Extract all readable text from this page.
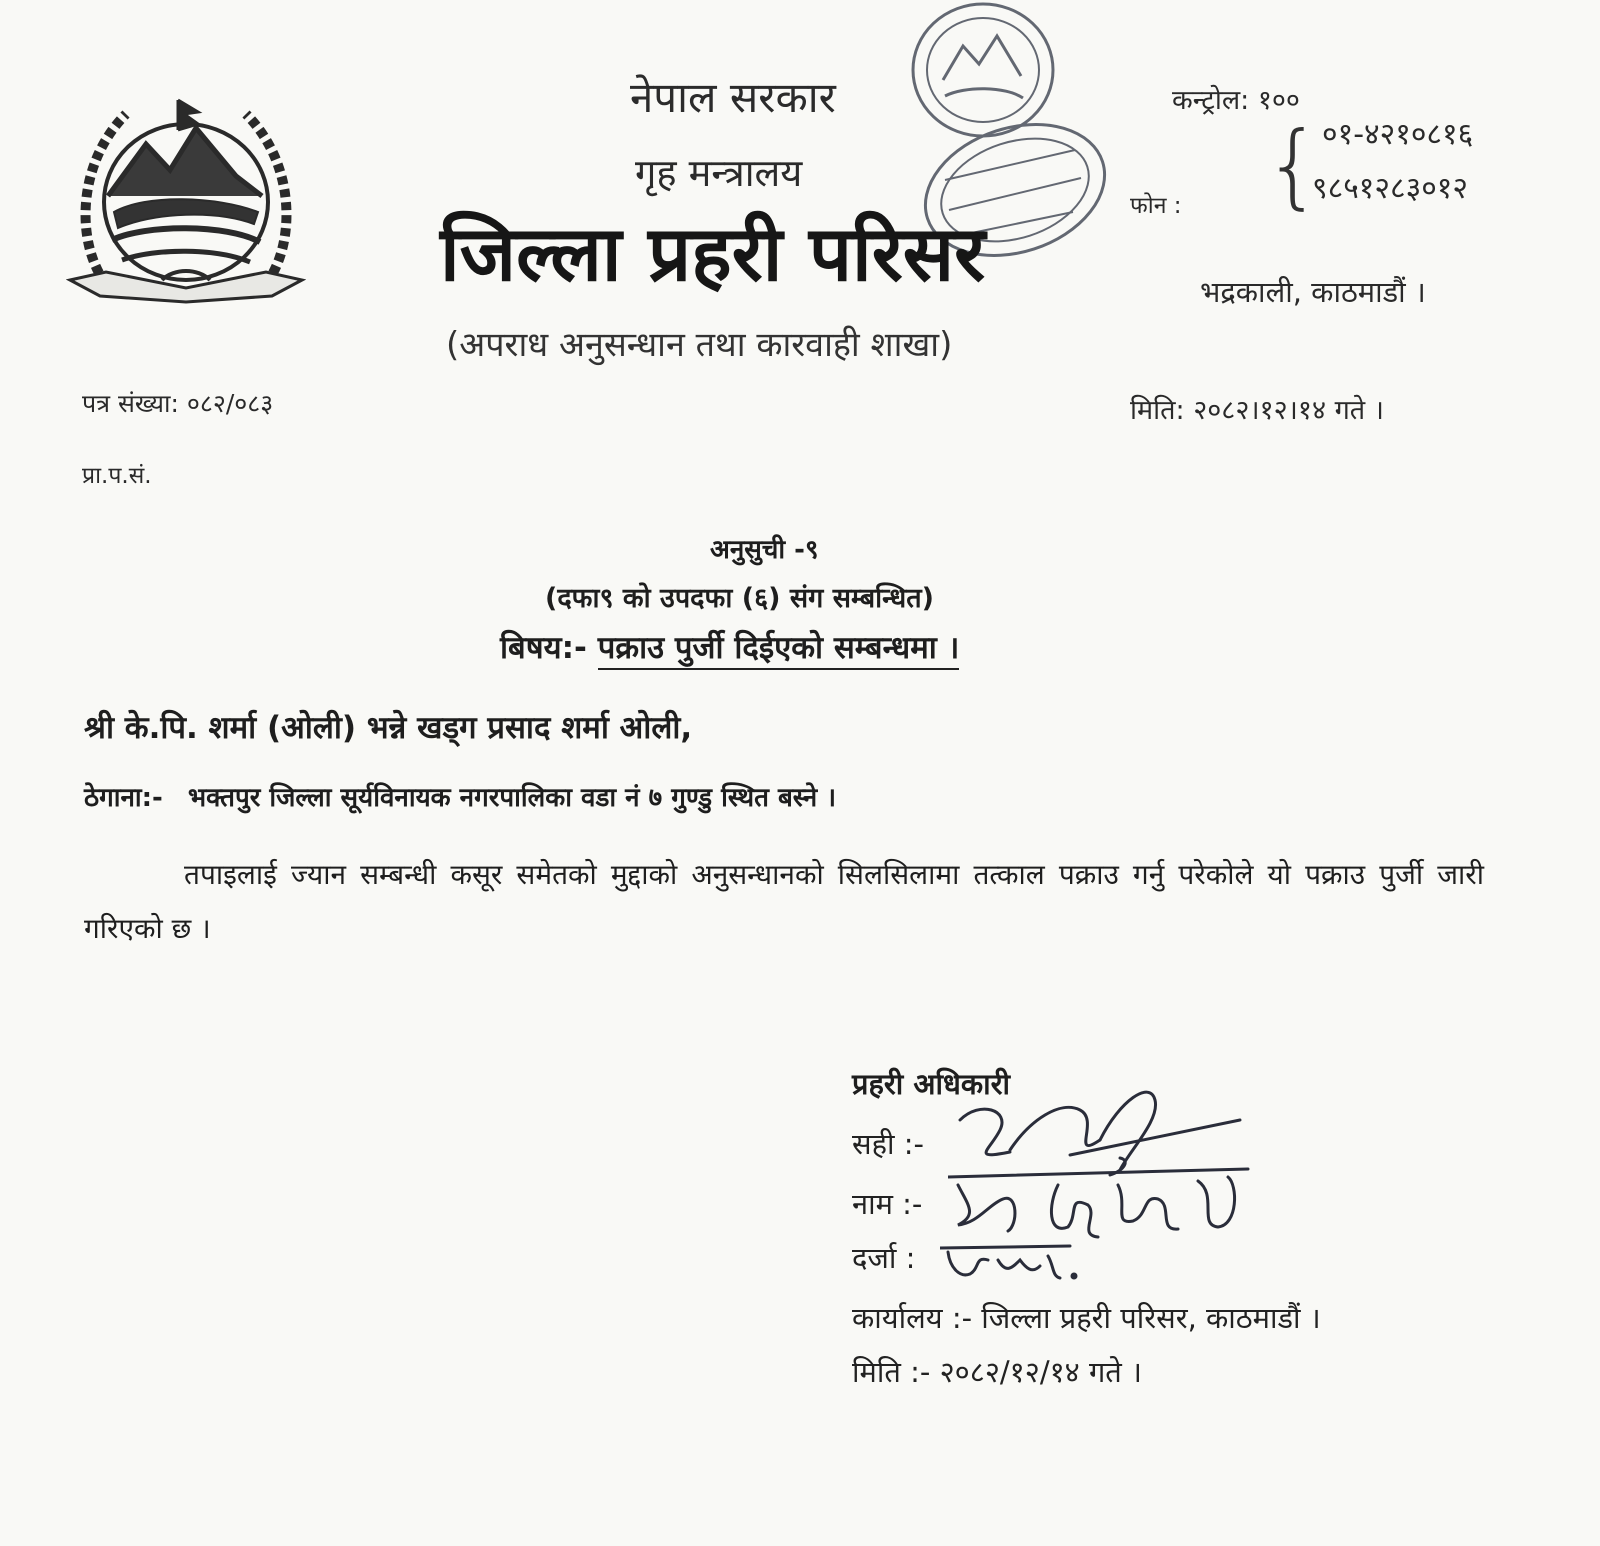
नेपाल सरकार
गृह मन्त्रालय
जिल्ला प्रहरी परिसर
(अपराध अनुसन्धान तथा कारवाही शाखा)
कन्ट्रोल: १००
फोन : { ०१-४२१०८१६
९८५१२८३०१२
भद्रकाली, काठमाडौं ।
पत्र संख्या: ०८२/०८३	मिति: २०८२।१२।१४ गते ।
प्रा.प.सं.
अनुसुची -९
(दफा९ को उपदफा (६) संग सम्बन्धित)
बिषय:- पक्राउ पुर्जी दिईएको सम्बन्धमा ।
श्री के.पि. शर्मा (ओली) भन्ने खड्ग प्रसाद शर्मा ओली,
ठेगाना:- भक्तपुर जिल्ला सूर्यविनायक नगरपालिका वडा नं ७ गुण्डु स्थित बस्ने ।
तपाइलाई ज्यान सम्बन्धी कसूर समेतको मुद्दाको अनुसन्धानको सिलसिलामा तत्काल पक्राउ गर्नु परेकोले यो पक्राउ पुर्जी जारी गरिएको छ ।
प्रहरी अधिकारी
सही :-
नाम :-
दर्जा :
कार्यालय :- जिल्ला प्रहरी परिसर, काठमाडौं ।
मिति :- २०८२/१२/१४ गते ।
